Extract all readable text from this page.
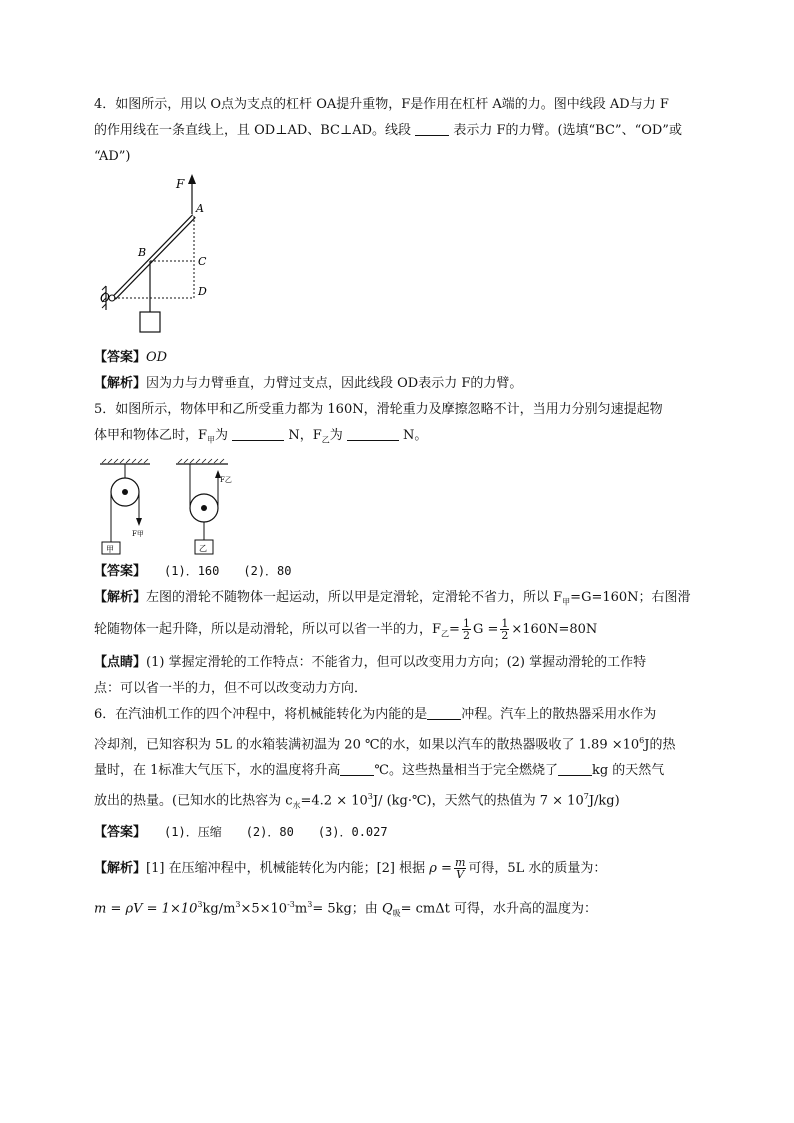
4．如图所示，用以 O点为支点的杠杆 OA提升重物，F是作用在杠杆 A端的力。图中线段 AD与力 F
的作用线在一条直线上，且 OD⊥AD、BC⊥AD。线段	表示力 F的力臂。(选填“BC”、“OD”或
“AD”)
F
O
B
A
C
D
【答案】OD
【解析】因为力与力臂垂直，力臂过支点，因此线段 OD表示力 F的力臂。
5．如图所示，物体甲和乙所受重力都为 160N，滑轮重力及摩擦忽略不计，当用力分别匀速提起物
体甲和物体乙时，$F_甲$为	N，$F_乙$为	N。
F甲
甲
F乙
乙
【答案】 (1)．160　　(2)．80
【解析】左图的滑轮不随物体一起运动，所以甲是定滑轮，定滑轮不省力，所以 $F_甲=G=160N$；右图滑
轮随物体一起升降，所以是动滑轮，所以可以省一半的力，$F_乙= \frac{1}{2}$ $G = \frac{1}{2} \times 160N=80N$
【点睛】(1) 掌握定滑轮的工作特点：不能省力，但可以改变用力方向；(2) 掌握动滑轮的工作特
点：可以省一半的力，但不可以改变动力方向．
6．在汽油机工作的四个冲程中，将机械能转化为内能的是	冲程。汽车上的散热器采用水作为
冷却剂，已知容积为 5L 的水箱装满初温为 20 ℃的水，如果以汽车的散热器吸收了 $1.89 \times 10^6J$的热
量时，在 1标准大气压下，水的温度将升高	℃。这些热量相当于完全燃烧了	kg 的天然气
放出的热量。(已知水的比热容为 $c_水=4.2 \times 10^3J/$ (kg·℃)，天然气的热值为 $7 \times 10^7J/kg$)
【答案】 (1)．压缩　　(2)．80　　(3)．0.027
【解析】[1] 在压缩冲程中，机械能转化为内能；[2] 根据 $\rho = \frac{m}{V}$ 可得，5L 水的质量为：
$m = \rho V = 1\times 10^3kg/m^3\times 5\times 10^{-3}m^3= 5kg$；由 $Q_吸= cm\Delta t$ 可得，水升高的温度为：
